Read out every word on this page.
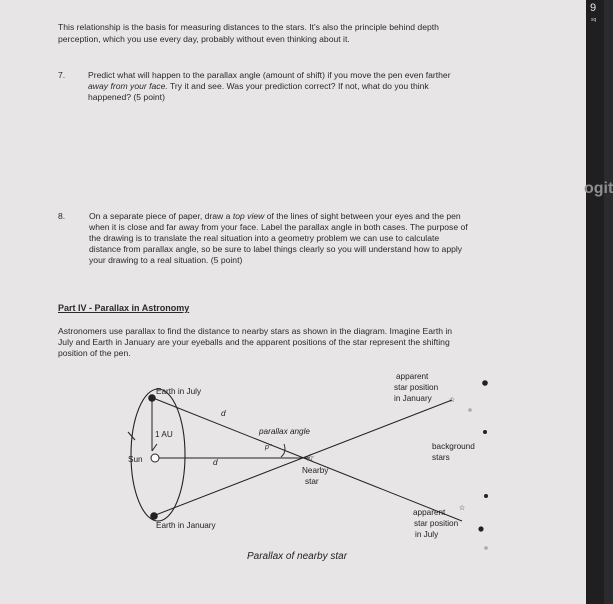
This relationship is the basis for measuring distances to the stars. It's also the principle behind depth
perception, which you use every day, probably without even thinking about it.
7.	Predict what will happen to the parallax angle (amount of shift) if you move the pen even farther
away from your face. Try it and see. Was your prediction correct? If not, what do you think
happened? (5 point)
8.	On a separate piece of paper, draw a top view of the lines of sight between your eyes and the pen
when it is close and far away from your face. Label the parallax angle in both cases. The purpose of
the drawing is to translate the real situation into a geometry problem we can use to calculate
distance from parallax angle, so be sure to label things clearly so you will understand how to apply
your drawing to a real situation. (5 point)
Part IV - Parallax in Astronomy
Astronomers use parallax to find the distance to nearby stars as shown in the diagram. Imagine Earth in
July and Earth in January are your eyeballs and the apparent positions of the star represent the shifting
position of the pen.
☆
☆
☆
Earth in July
Earth in January
Sun
1 AU
d
d
parallax angle
p"
Nearby
star
apparent
star position
in January
background
stars
apparent
star position
in July
Parallax of nearby star
9
sq
ogit
